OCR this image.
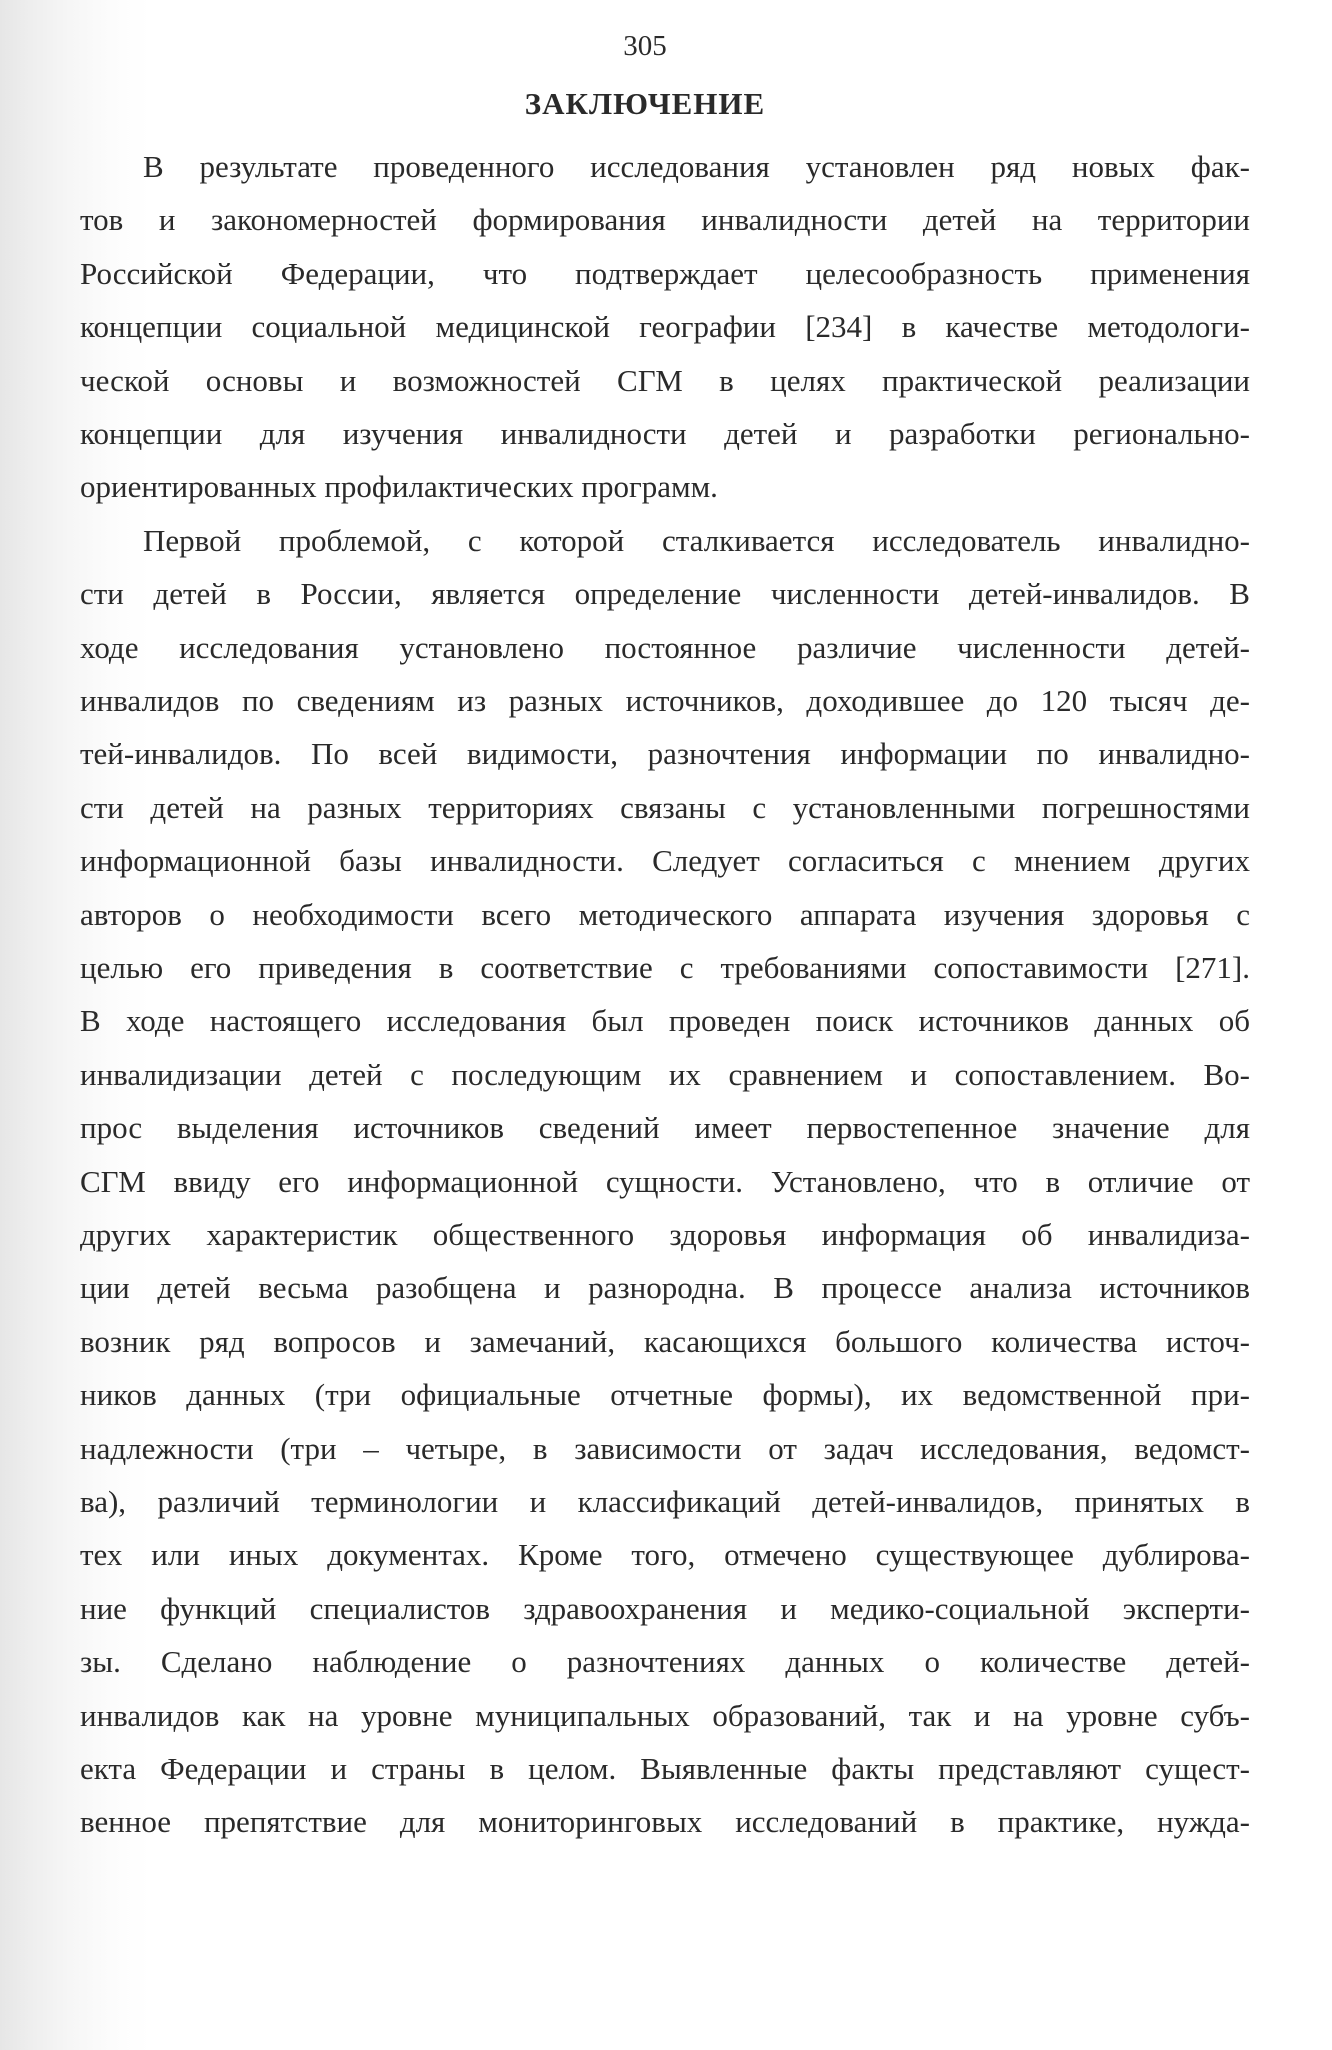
305
ЗАКЛЮЧЕНИЕ
В результате проведенного исследования установлен ряд новых фак-
тов и закономерностей формирования инвалидности детей на территории
Российской Федерации, что подтверждает целесообразность применения
концепции социальной медицинской географии [234] в качестве методологи-
ческой основы и возможностей СГМ в целях практической реализации
концепции для изучения инвалидности детей и разработки регионально-
ориентированных профилактических программ.
Первой проблемой, с которой сталкивается исследователь инвалидно-
сти детей в России, является определение численности детей-инвалидов. В
ходе исследования установлено постоянное различие численности детей-
инвалидов по сведениям из разных источников, доходившее до 120 тысяч де-
тей-инвалидов. По всей видимости, разночтения информации по инвалидно-
сти детей на разных территориях связаны с установленными погрешностями
информационной базы инвалидности. Следует согласиться с мнением других
авторов о необходимости всего методического аппарата изучения здоровья с
целью его приведения в соответствие с требованиями сопоставимости [271].
В ходе настоящего исследования был проведен поиск источников данных об
инвалидизации детей с последующим их сравнением и сопоставлением. Во-
прос выделения источников сведений имеет первостепенное значение для
СГМ ввиду его информационной сущности. Установлено, что в отличие от
других характеристик общественного здоровья информация об инвалидиза-
ции детей весьма разобщена и разнородна. В процессе анализа источников
возник ряд вопросов и замечаний, касающихся большого количества источ-
ников данных (три официальные отчетные формы), их ведомственной при-
надлежности (три – четыре, в зависимости от задач исследования, ведомст-
ва), различий терминологии и классификаций детей-инвалидов, принятых в
тех или иных документах. Кроме того, отмечено существующее дублирова-
ние функций специалистов здравоохранения и медико-социальной эксперти-
зы. Сделано наблюдение о разночтениях данных о количестве детей-
инвалидов как на уровне муниципальных образований, так и на уровне субъ-
екта Федерации и страны в целом. Выявленные факты представляют сущест-
венное препятствие для мониторинговых исследований в практике, нужда-
